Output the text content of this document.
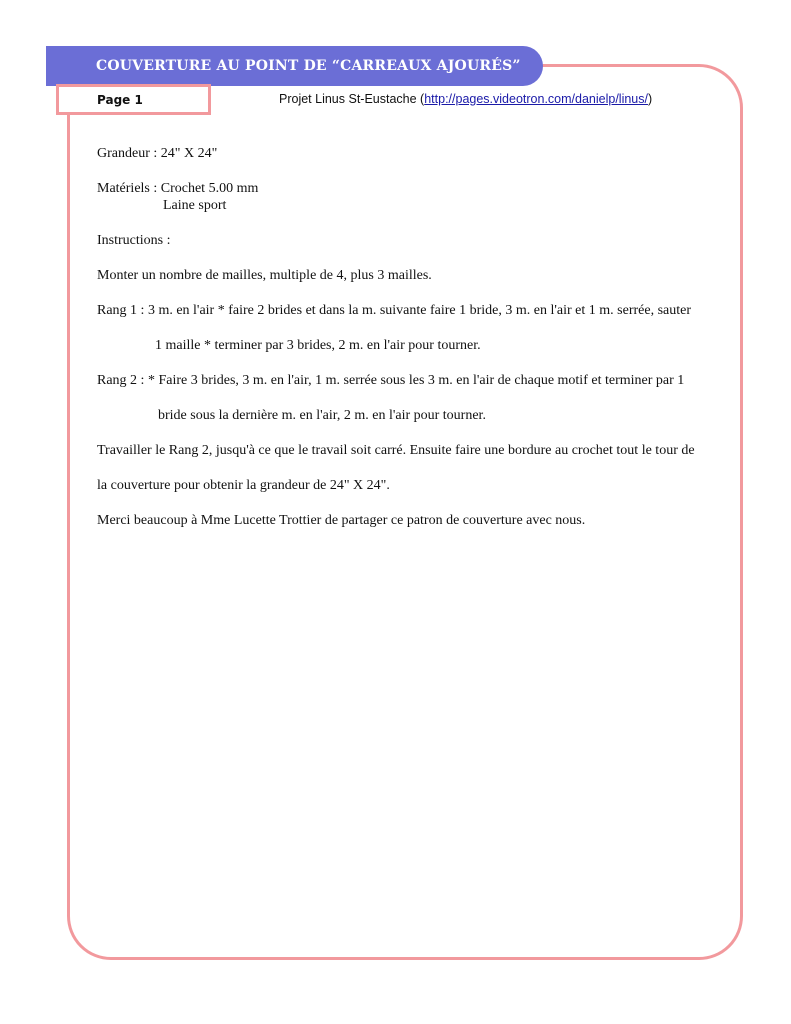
COUVERTURE AU POINT DE “CARREAUX AJOURÉS”
Page 1	Projet Linus St-Eustache (http://pages.videotron.com/danielp/linus/)

Grandeur : 24" X 24"

Matériels : Crochet 5.00 mm

Laine sport

Instructions :

Monter un nombre de mailles, multiple de 4, plus 3 mailles.

Rang 1 : 3 m. en l'air * faire 2 brides et dans la m. suivante faire 1 bride, 3 m. en l'air et 1 m. serrée, sauter

1 maille * terminer par 3 brides, 2 m. en l'air pour tourner.

Rang 2 : * Faire 3 brides, 3 m. en l'air, 1 m. serrée sous les 3 m. en l'air de chaque motif et terminer par 1

bride sous la dernière m. en l'air, 2 m. en l'air pour tourner.

Travailler le Rang 2, jusqu'à ce que le travail soit carré. Ensuite faire une bordure au crochet tout le tour de

la couverture pour obtenir la grandeur de 24" X 24".

Merci beaucoup à Mme Lucette Trottier de partager ce patron de couverture avec nous.
